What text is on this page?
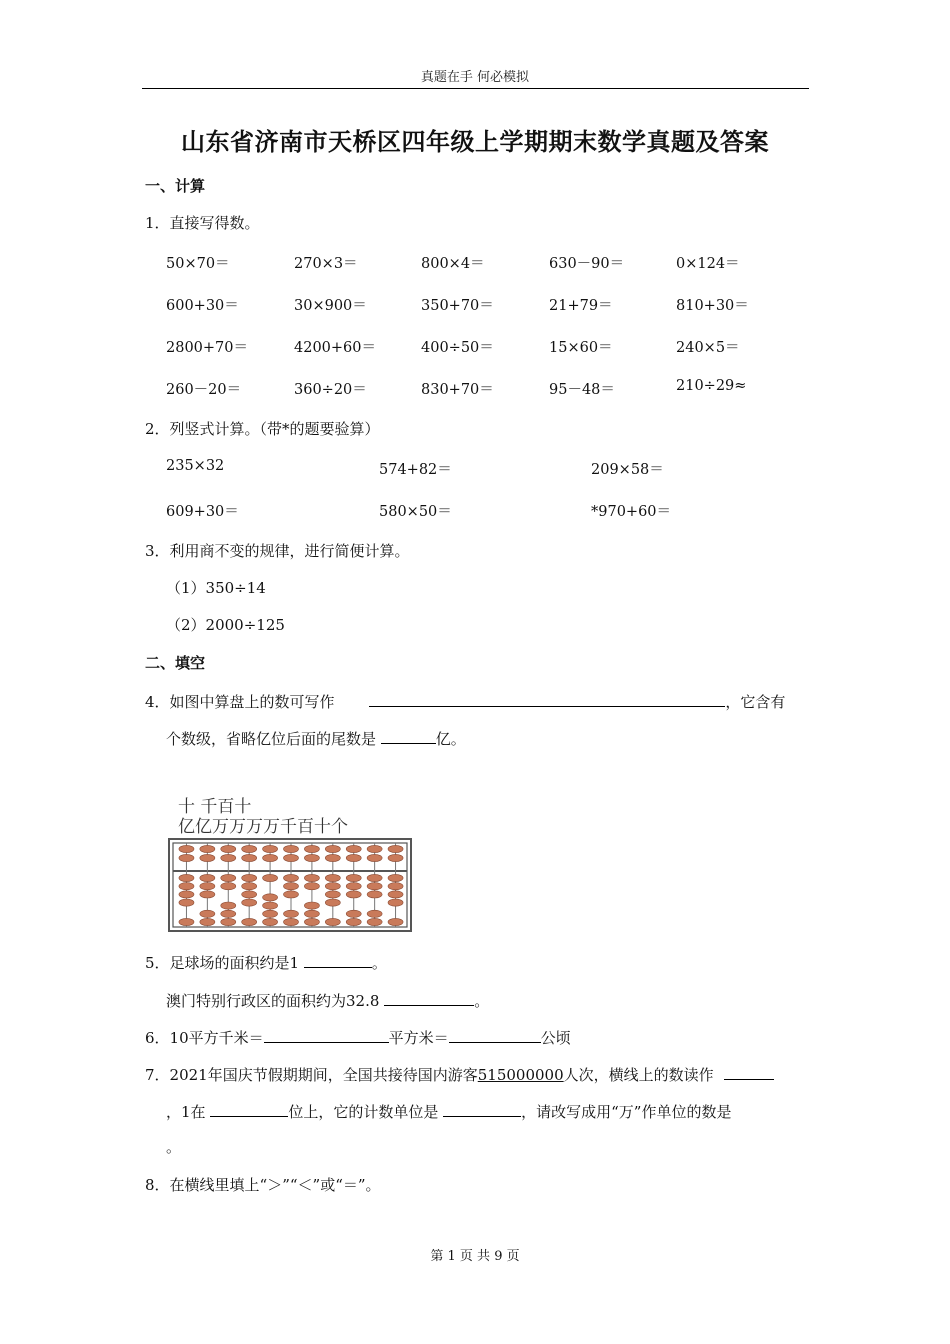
真题在手 何必模拟
山东省济南市天桥区四年级上学期期末数学真题及答案
一、计算
1．直接写得数。
50×70＝	270×3＝	800×4＝	630－90＝	0×124＝
600+30＝	30×900＝	350+70＝	21+79＝	810+30＝
2800+70＝	4200+60＝	400÷50＝	15×60＝	240×5＝
260－20＝	360÷20＝	830+70＝	95－48＝	210÷29≈
2．列竖式计算。（带*的题要验算）
235×32	574+82＝	209×58＝
609+30＝	580×50＝	*970+60＝
3．利用商不变的规律，进行简便计算。
（1）350÷14
（2）2000÷125
二、填空
4．如图中算盘上的数可写作	，它含有
个数级，省略亿位后面的尾数是	亿。
十 千百十
亿亿万万万万千百十个
5．足球场的面积约是1	。
澳门特别行政区的面积约为32.8	。
6．10平方千米＝	平方米＝	公顷
7．2021年国庆节假期期间，全国共接待国内游客515000000人次，横线上的数读作
，1在	位上，它的计数单位是	，请改写成用“万”作单位的数是
。
8．在横线里填上“＞”“＜”或“＝”。
第 1 页 共 9 页
